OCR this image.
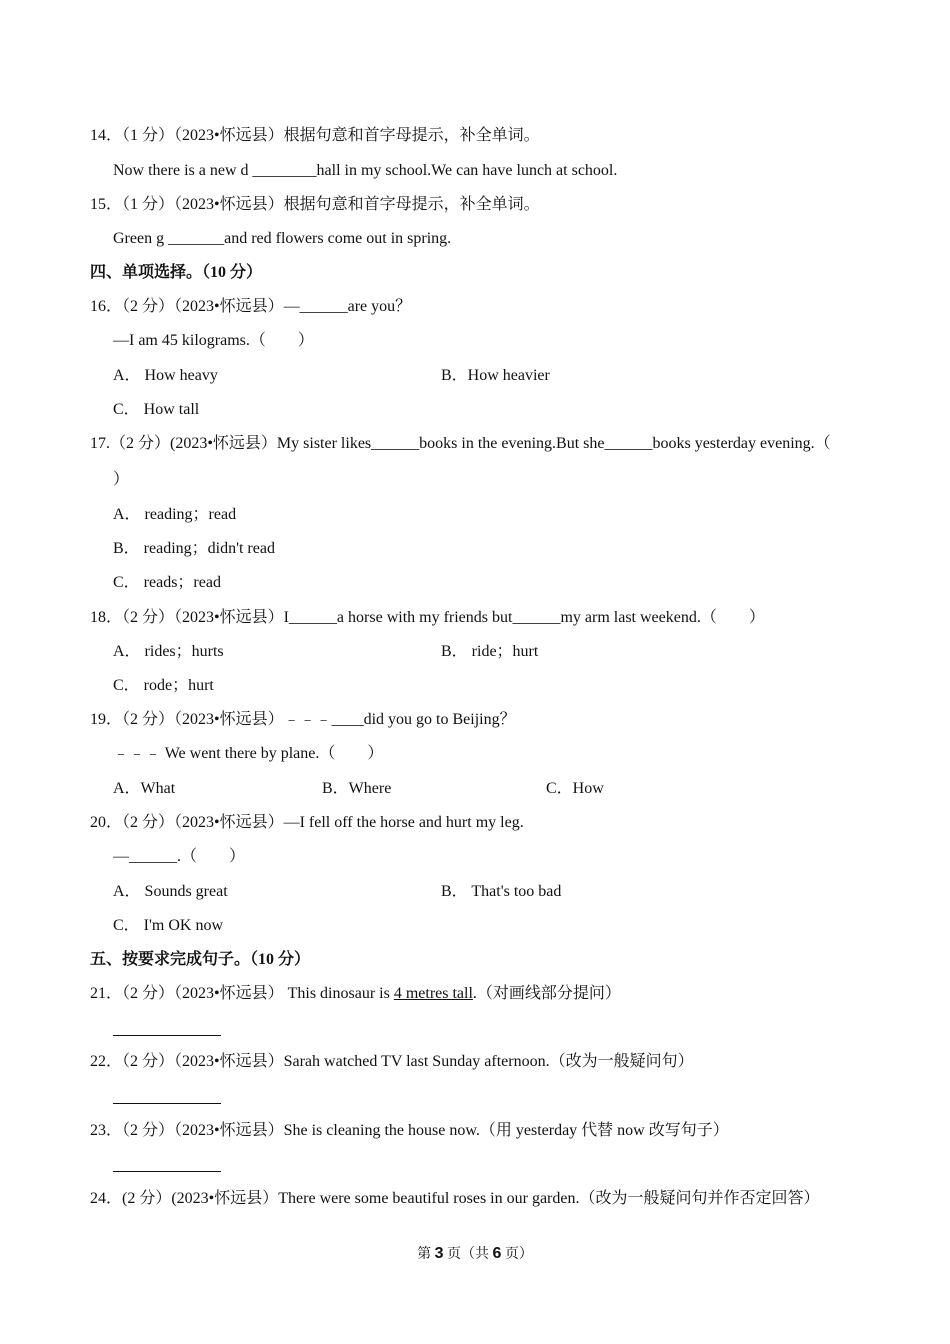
14．（1 分）（2023•怀远县）根据句意和首字母提示，补全单词。
Now there is a new d ________hall in my school.We can have lunch at school.
15．（1 分）（2023•怀远县）根据句意和首字母提示，补全单词。
Green g _______and red flowers come out in spring.
四、单项选择。（10 分）
16．（2 分）（2023•怀远县）—______are you？
—I am 45 kilograms.（　　）
A． How heavy	B．How heavier
C． How tall
17.（2 分）(2023•怀远县）My sister likes______books in the evening.But she______books yesterday evening.（
）
A． reading；read
B． reading；didn't read
C． reads；read
18．（2 分）（2023•怀远县）I______a horse with my friends but______my arm last weekend.（　　）
A． rides；hurts	B． ride；hurt
C． rode；hurt
19．（2 分）（2023•怀远县）﹣﹣﹣____did you go to Beijing？
﹣﹣﹣ We went there by plane.（　　）
A．What	B．Where	C．How
20．（2 分）（2023•怀远县）—I fell off the horse and hurt my leg.
—______.（　　）
A． Sounds great	B． That's too bad
C． I'm OK now
五、按要求完成句子。（10 分）
21．（2 分）（2023•怀远县） This dinosaur is 4 metres tall.（对画线部分提问）
22．（2 分）（2023•怀远县）Sarah watched TV last Sunday afternoon.（改为一般疑问句）
23．（2 分）（2023•怀远县）She is cleaning the house now.（用 yesterday 代替 now 改写句子）
24．(2 分）(2023•怀远县）There were some beautiful roses in our garden.（改为一般疑问句并作否定回答）
第 3 页（共 6 页）
